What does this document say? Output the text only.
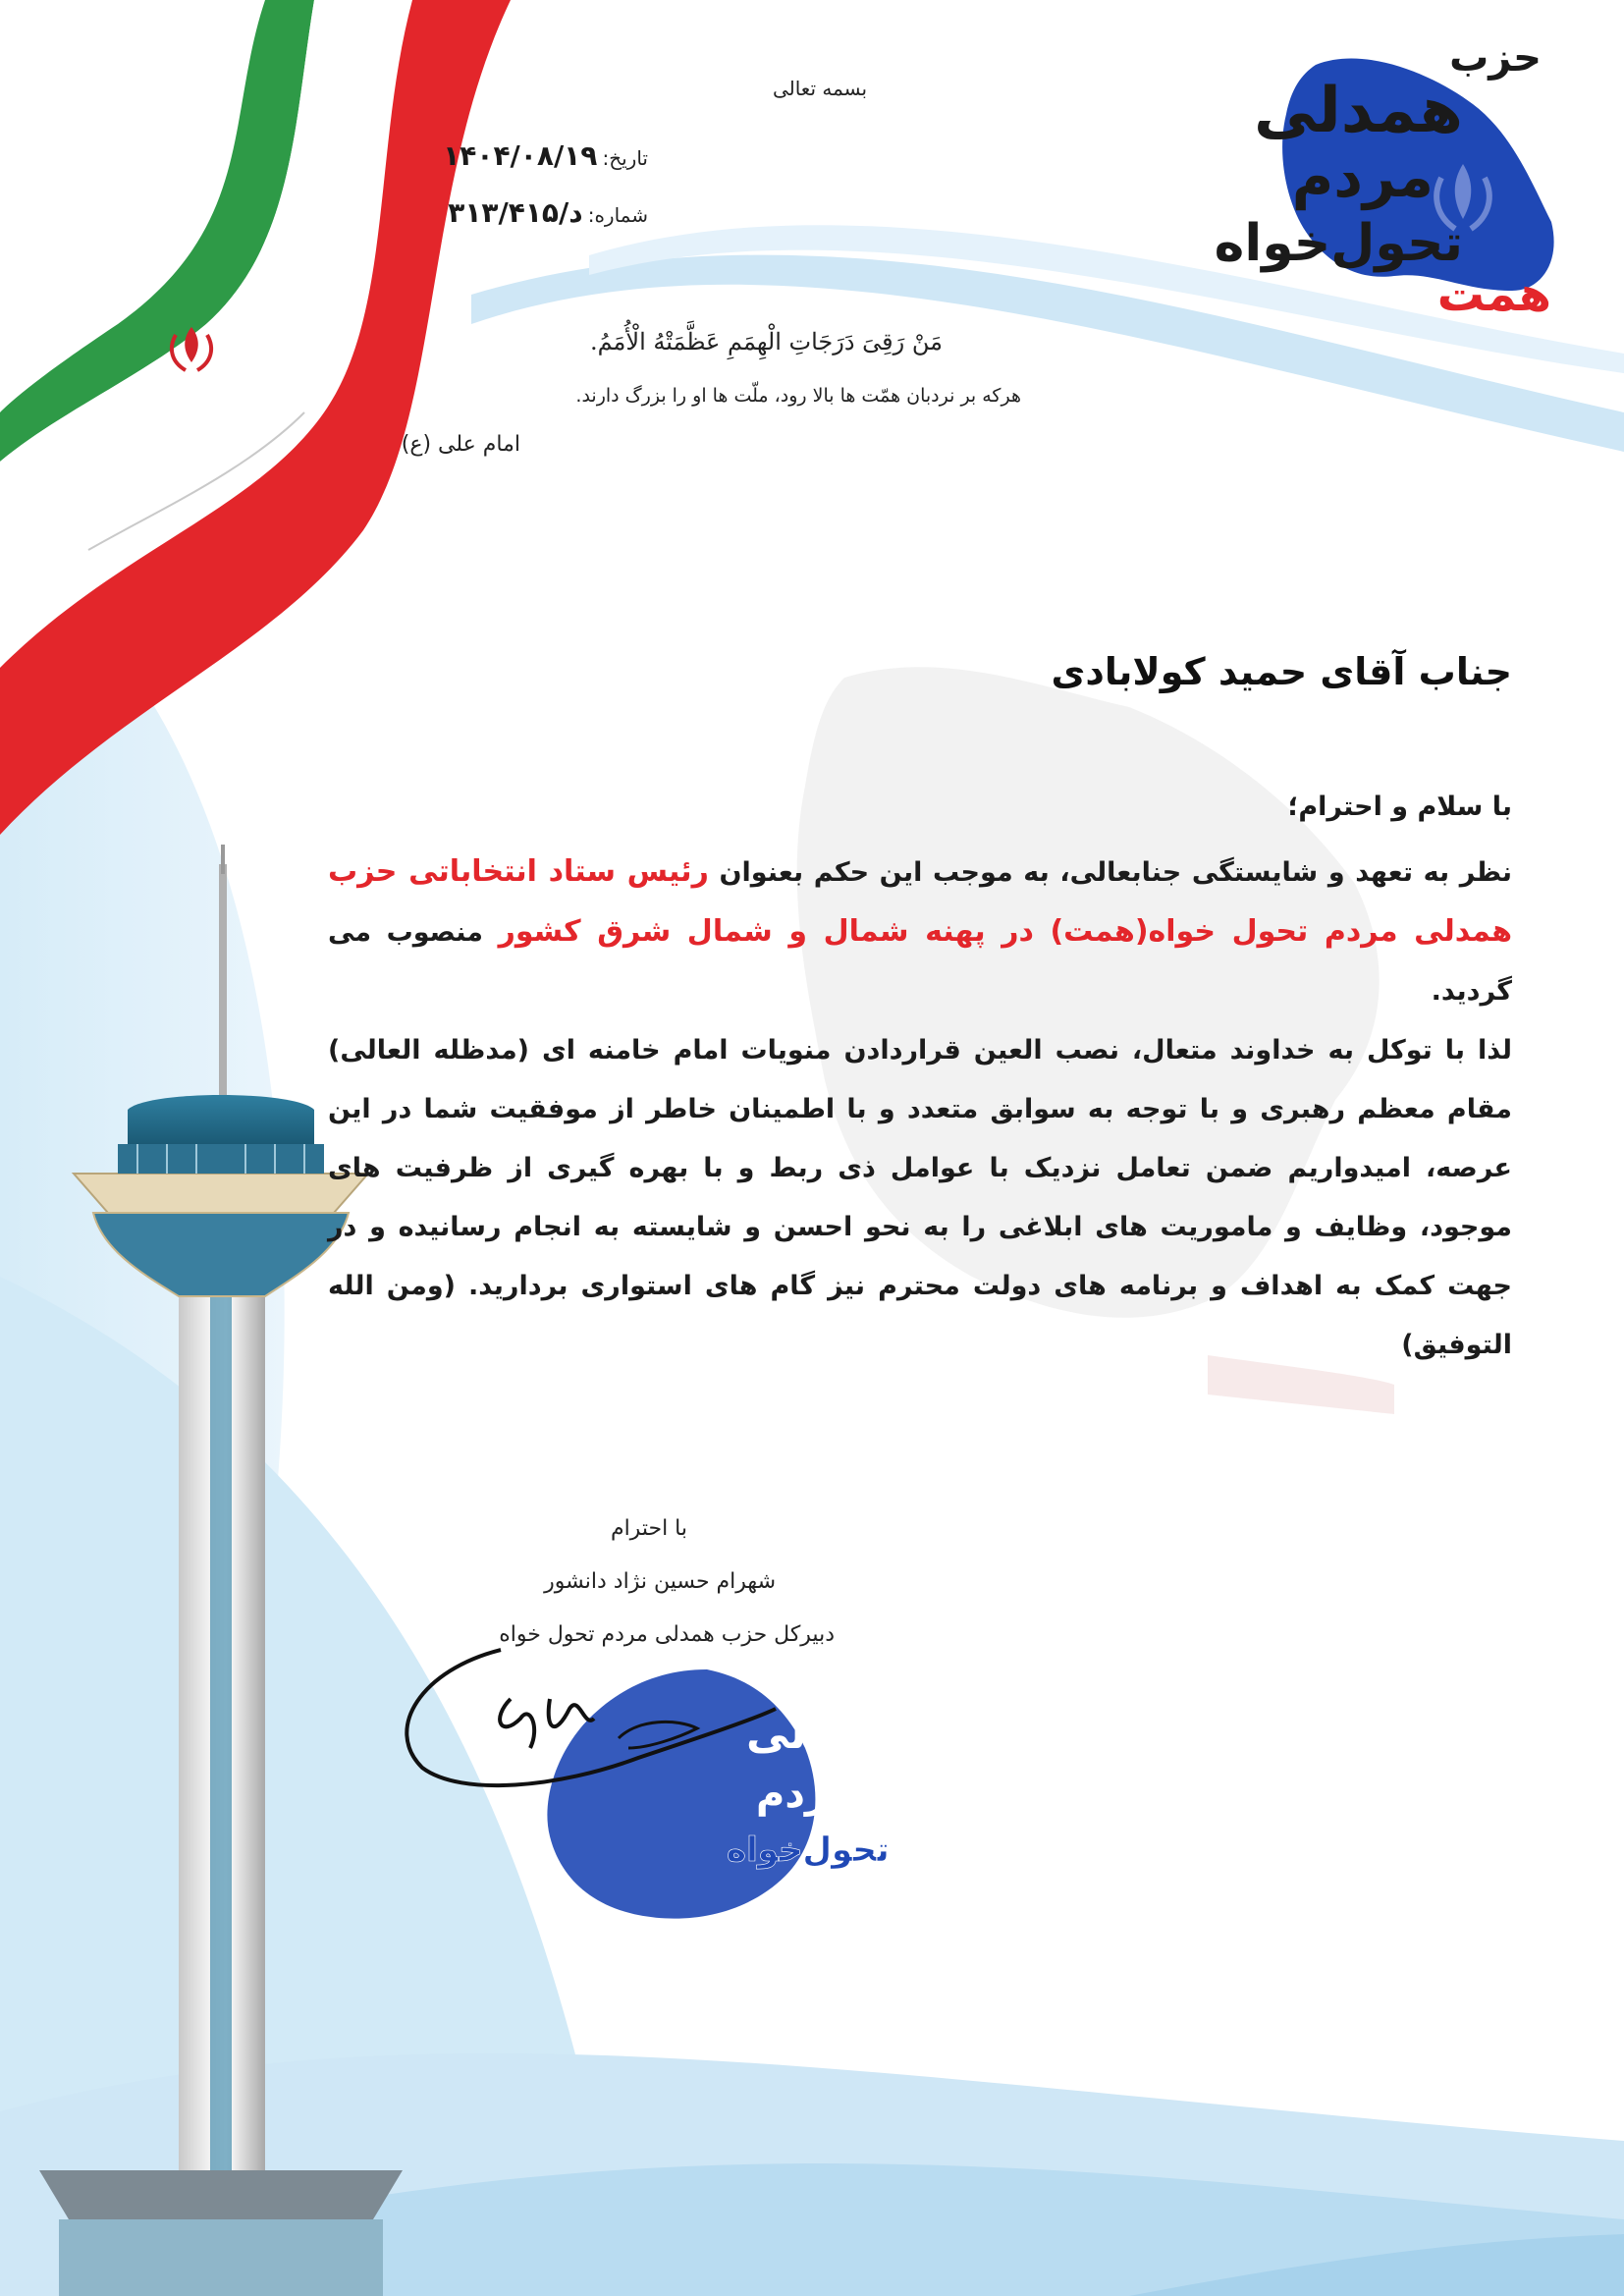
بسمه تعالی
تاریخ: ۱۴۰۴/۰۸/۱۹
شماره: د/۳۱۳/۴۱۵
حزب
همدلی
مردم
تحول‌خواه
همت
مَنْ رَقِیَ دَرَجَاتِ الْهِمَمِ عَظَّمَتْهُ الْأُمَمُ.
هرکه بر نردبان همّت ها بالا رود، ملّت ها او را بزرگ دارند.
امام علی (ع)
جناب آقای حمید کولابادی
با سلام و احترام؛
نظر به تعهد و شایستگی جنابعالی، به موجب این حکم بعنوان رئیس ستاد انتخاباتی حزب همدلی مردم تحول خواه(همت) در پهنه شمال و شمال شرق کشور منصوب می گردید.
لذا با توکل به خداوند متعال، نصب العین قراردادن منویات امام خامنه ای (مدظله العالی) مقام معظم رهبری و با توجه به سوابق متعدد و با اطمینان خاطر از موفقیت شما در این عرصه، امیدواریم ضمن تعامل نزدیک با عوامل ذی ربط و با بهره گیری از ظرفیت های موجود، وظایف و ماموریت های ابلاغی را به نحو احسن و شایسته به انجام رسانیده و در جهت کمک به اهداف و برنامه های دولت محترم نیز گام های استواری بردارید. (ومن الله التوفیق)
با احترام
شهرام حسین نژاد دانشور
دبیرکل حزب همدلی مردم تحول خواه
حزب
همدلی
مردم
تحول‌خواه
همت
